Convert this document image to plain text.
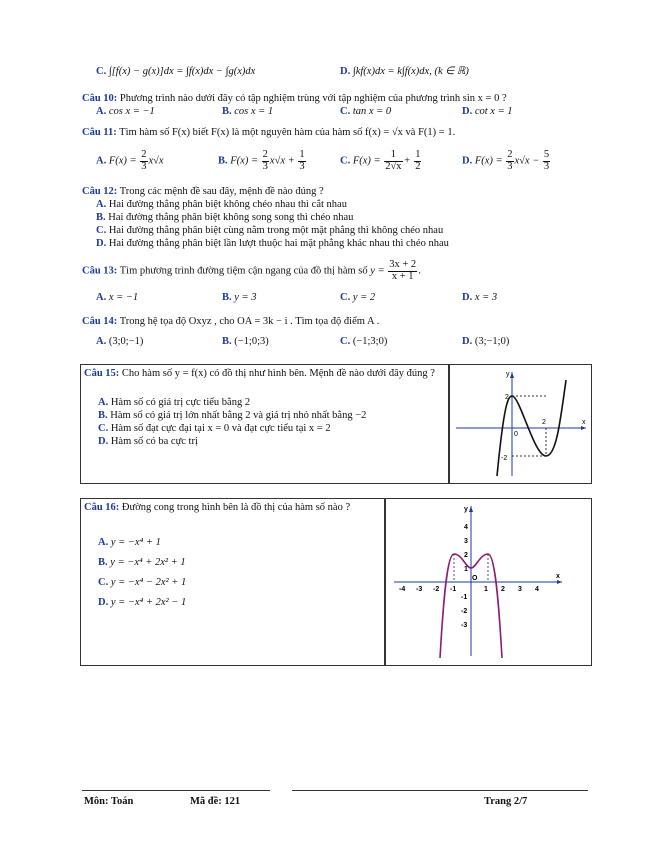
C. ∫[f(x) − g(x)]dx = ∫f(x)dx − ∫g(x)dx	D. ∫kf(x)dx = k∫f(x)dx, (k ∈ ℝ)
Câu 10: Phương trình nào dưới đây có tập nghiệm trùng với tập nghiệm của phương trình sin x = 0 ?
A. cos x = −1	B. cos x = 1	C. tan x = 0	D. cot x = 1
Câu 11: Tìm hàm số F(x) biết F(x) là một nguyên hàm của hàm số f(x) = √x và F(1) = 1.
A. $F(x) = \frac{2}{3} x√x$	B. $F(x) = \frac{2}{3} x√x + \frac{1}{3}$	C. $F(x) = \frac{1}{2√x} + \frac{1}{2}$	D. $F(x) = \frac{2}{3} x√x - \frac{5}{3}$
Câu 12: Trong các mệnh đề sau đây, mệnh đề nào đúng ?
A. Hai đường thẳng phân biệt không chéo nhau thì cắt nhau
B. Hai đường thẳng phân biệt không song song thì chéo nhau
C. Hai đường thẳng phân biệt cùng nằm trong một mặt phẳng thì không chéo nhau
D. Hai đường thẳng phân biệt lần lượt thuộc hai mặt phẳng khác nhau thì chéo nhau
Câu 13: Tìm phương trình đường tiệm cận ngang của đồ thị hàm số $y = \frac{3x + 2}{x + 1}$ .
A. x = −1	B. y = 3	C. y = 2	D. x = 3
Câu 14: Trong hệ tọa độ Oxyz , cho OA = 3k − i . Tìm tọa độ điểm A .
A. (3;0;−1)	B. (−1;0;3)	C. (−1;3;0)	D. (3;−1;0)
Câu 15: Cho hàm số y = f(x) có đồ thị như hình bên. Mệnh đề nào dưới đây đúng ?
A. Hàm số có giá trị cực tiểu bằng 2
B. Hàm số có giá trị lớn nhất bằng 2 và giá trị nhỏ nhất bằng −2
C. Hàm số đạt cực đại tại x = 0 và đạt cực tiểu tại x = 2
D. Hàm số có ba cực trị
y
x
2
-2
2
0
Câu 16: Đường cong trong hình bên là đồ thị của hàm số nào ?
A. y = −x⁴ + 1
B. y = −x⁴ + 2x² + 1
C. y = −x⁴ − 2x² + 1
D. y = −x⁴ + 2x² − 1
y
x
O
-4 -3 -2 -1	1 2 3 4
4
3
2
1
-1
-2
-3
Môn: Toán	Mã đề: 121	Trang 2/7
